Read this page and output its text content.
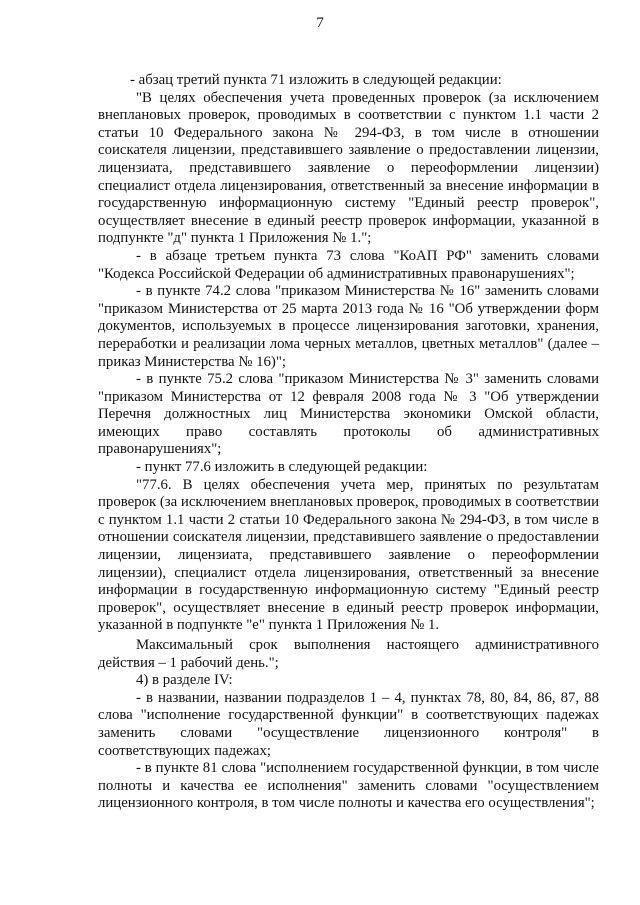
7

- абзац третий пункта 71 изложить в следующей редакции:

"В целях обеспечения учета проведенных проверок (за исключением внеплановых проверок, проводимых в соответствии с пунктом 1.1 части 2 статьи 10 Федерального закона № 294-ФЗ, в том числе в отношении соискателя лицензии, представившего заявление о предоставлении лицензии, лицензиата, представившего заявление о переоформлении лицензии) специалист отдела лицензирования, ответственный за внесение информации в государственную информационную систему "Единый реестр проверок", осуществляет внесение в единый реестр проверок информации, указанной в подпункте "д" пункта 1 Приложения № 1.";

- в абзаце третьем пункта 73 слова "КоАП РФ" заменить словами "Кодекса Российской Федерации об административных правонарушениях";

- в пункте 74.2 слова "приказом Министерства № 16" заменить словами "приказом Министерства от 25 марта 2013 года № 16 "Об утверждении форм документов, используемых в процессе лицензирования заготовки, хранения, переработки и реализации лома черных металлов, цветных металлов" (далее – приказ Министерства № 16)";

- в пункте 75.2 слова "приказом Министерства № 3" заменить словами "приказом Министерства от 12 февраля 2008 года № 3 "Об утверждении Перечня должностных лиц Министерства экономики Омской области, имеющих право составлять протоколы об административных правонарушениях";

- пункт 77.6 изложить в следующей редакции:

"77.6. В целях обеспечения учета мер, принятых по результатам проверок (за исключением внеплановых проверок, проводимых в соответствии с пунктом 1.1 части 2 статьи 10 Федерального закона № 294-ФЗ, в том числе в отношении соискателя лицензии, представившего заявление о предоставлении лицензии, лицензиата, представившего заявление о переоформлении лицензии), специалист отдела лицензирования, ответственный за внесение информации в государственную информационную систему "Единый реестр проверок", осуществляет внесение в единый реестр проверок информации, указанной в подпункте "е" пункта 1 Приложения № 1.

Максимальный срок выполнения настоящего административного действия – 1 рабочий день.";

4) в разделе IV:

- в названии, названии подразделов 1 – 4, пунктах 78, 80, 84, 86, 87, 88 слова "исполнение государственной функции" в соответствующих падежах заменить словами "осуществление лицензионного контроля" в соответствующих падежах;

- в пункте 81 слова "исполнением государственной функции, в том числе полноты и качества ее исполнения" заменить словами "осуществлением лицензионного контроля, в том числе полноты и качества его осуществления";
